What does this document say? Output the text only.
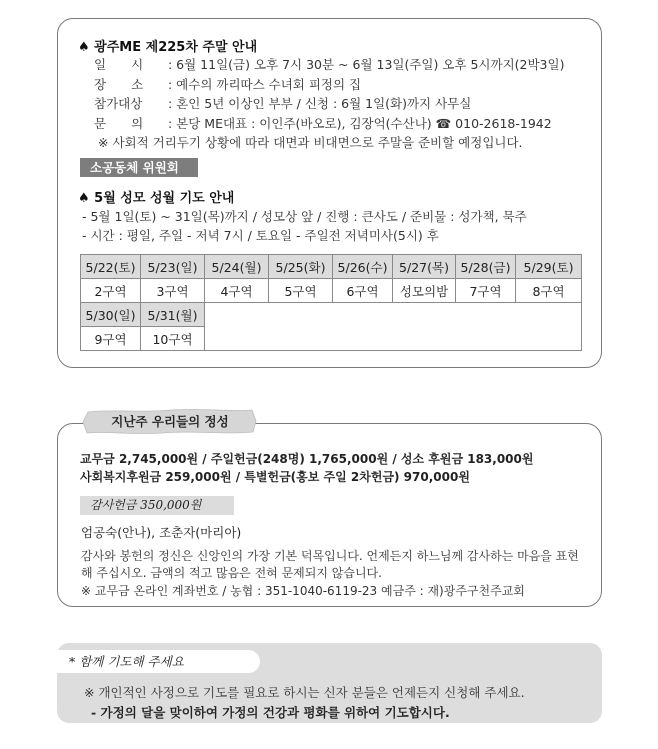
♠ 광주ME 제225차 주말 안내
일　　시	: 6월 11일(금) 오후 7시 30분 ~ 6월 13일(주일) 오후 5시까지(2박3일)
장　　소	: 예수의 까리따스 수녀회 피정의 집
참가대상	: 혼인 5년 이상인 부부 / 신청 : 6월 1일(화)까지 사무실
문　　의	: 본당 ME대표 : 이인주(바오로), 김장억(수산나) ☎ 010-2618-1942
※ 사회적 거리두기 상황에 따라 대면과 비대면으로 주말을 준비할 예정입니다.
소공동체 위원회
♠ 5월 성모 성월 기도 안내
- 5월 1일(토) ~ 31일(목)까지 / 성모상 앞 / 진행 : 큰사도 / 준비물 : 성가책, 묵주
- 시간 : 평일, 주일 - 저녁 7시 / 토요일 - 주일전 저녁미사(5시) 후
5/22(토)	5/23(일)	5/24(월)	5/25(화)	5/26(수)	5/27(목)	5/28(금)	5/29(토)
2구역	3구역	4구역	5구역	6구역	성모의밤	7구역	8구역
5/30(일)	5/31(월)						
9구역	10구역						
지난주 우리들의 정성
교무금 2,745,000원 / 주일헌금(248명) 1,765,000원 / 성소 후원금 183,000원
사회복지후원금 259,000원 / 특별헌금(홍보 주일 2차헌금) 970,000원
감사헌금 350,000원
엄공숙(안나), 조춘자(마리아)
감사와 봉헌의 정신은 신앙인의 가장 기본 덕목입니다. 언제든지 하느님께 감사하는 마음을 표현해 주십시오. 금액의 적고 많음은 전혀 문제되지 않습니다.
※ 교무금 온라인 계좌번호 / 농협 : 351-1040-6119-23 예금주 : 재)광주구천주교회
* 함께 기도해 주세요
※ 개인적인 사정으로 기도를 필요로 하시는 신자 분들은 언제든지 신청해 주세요.
- 가정의 달을 맞이하여 가정의 건강과 평화를 위하여 기도합시다.
